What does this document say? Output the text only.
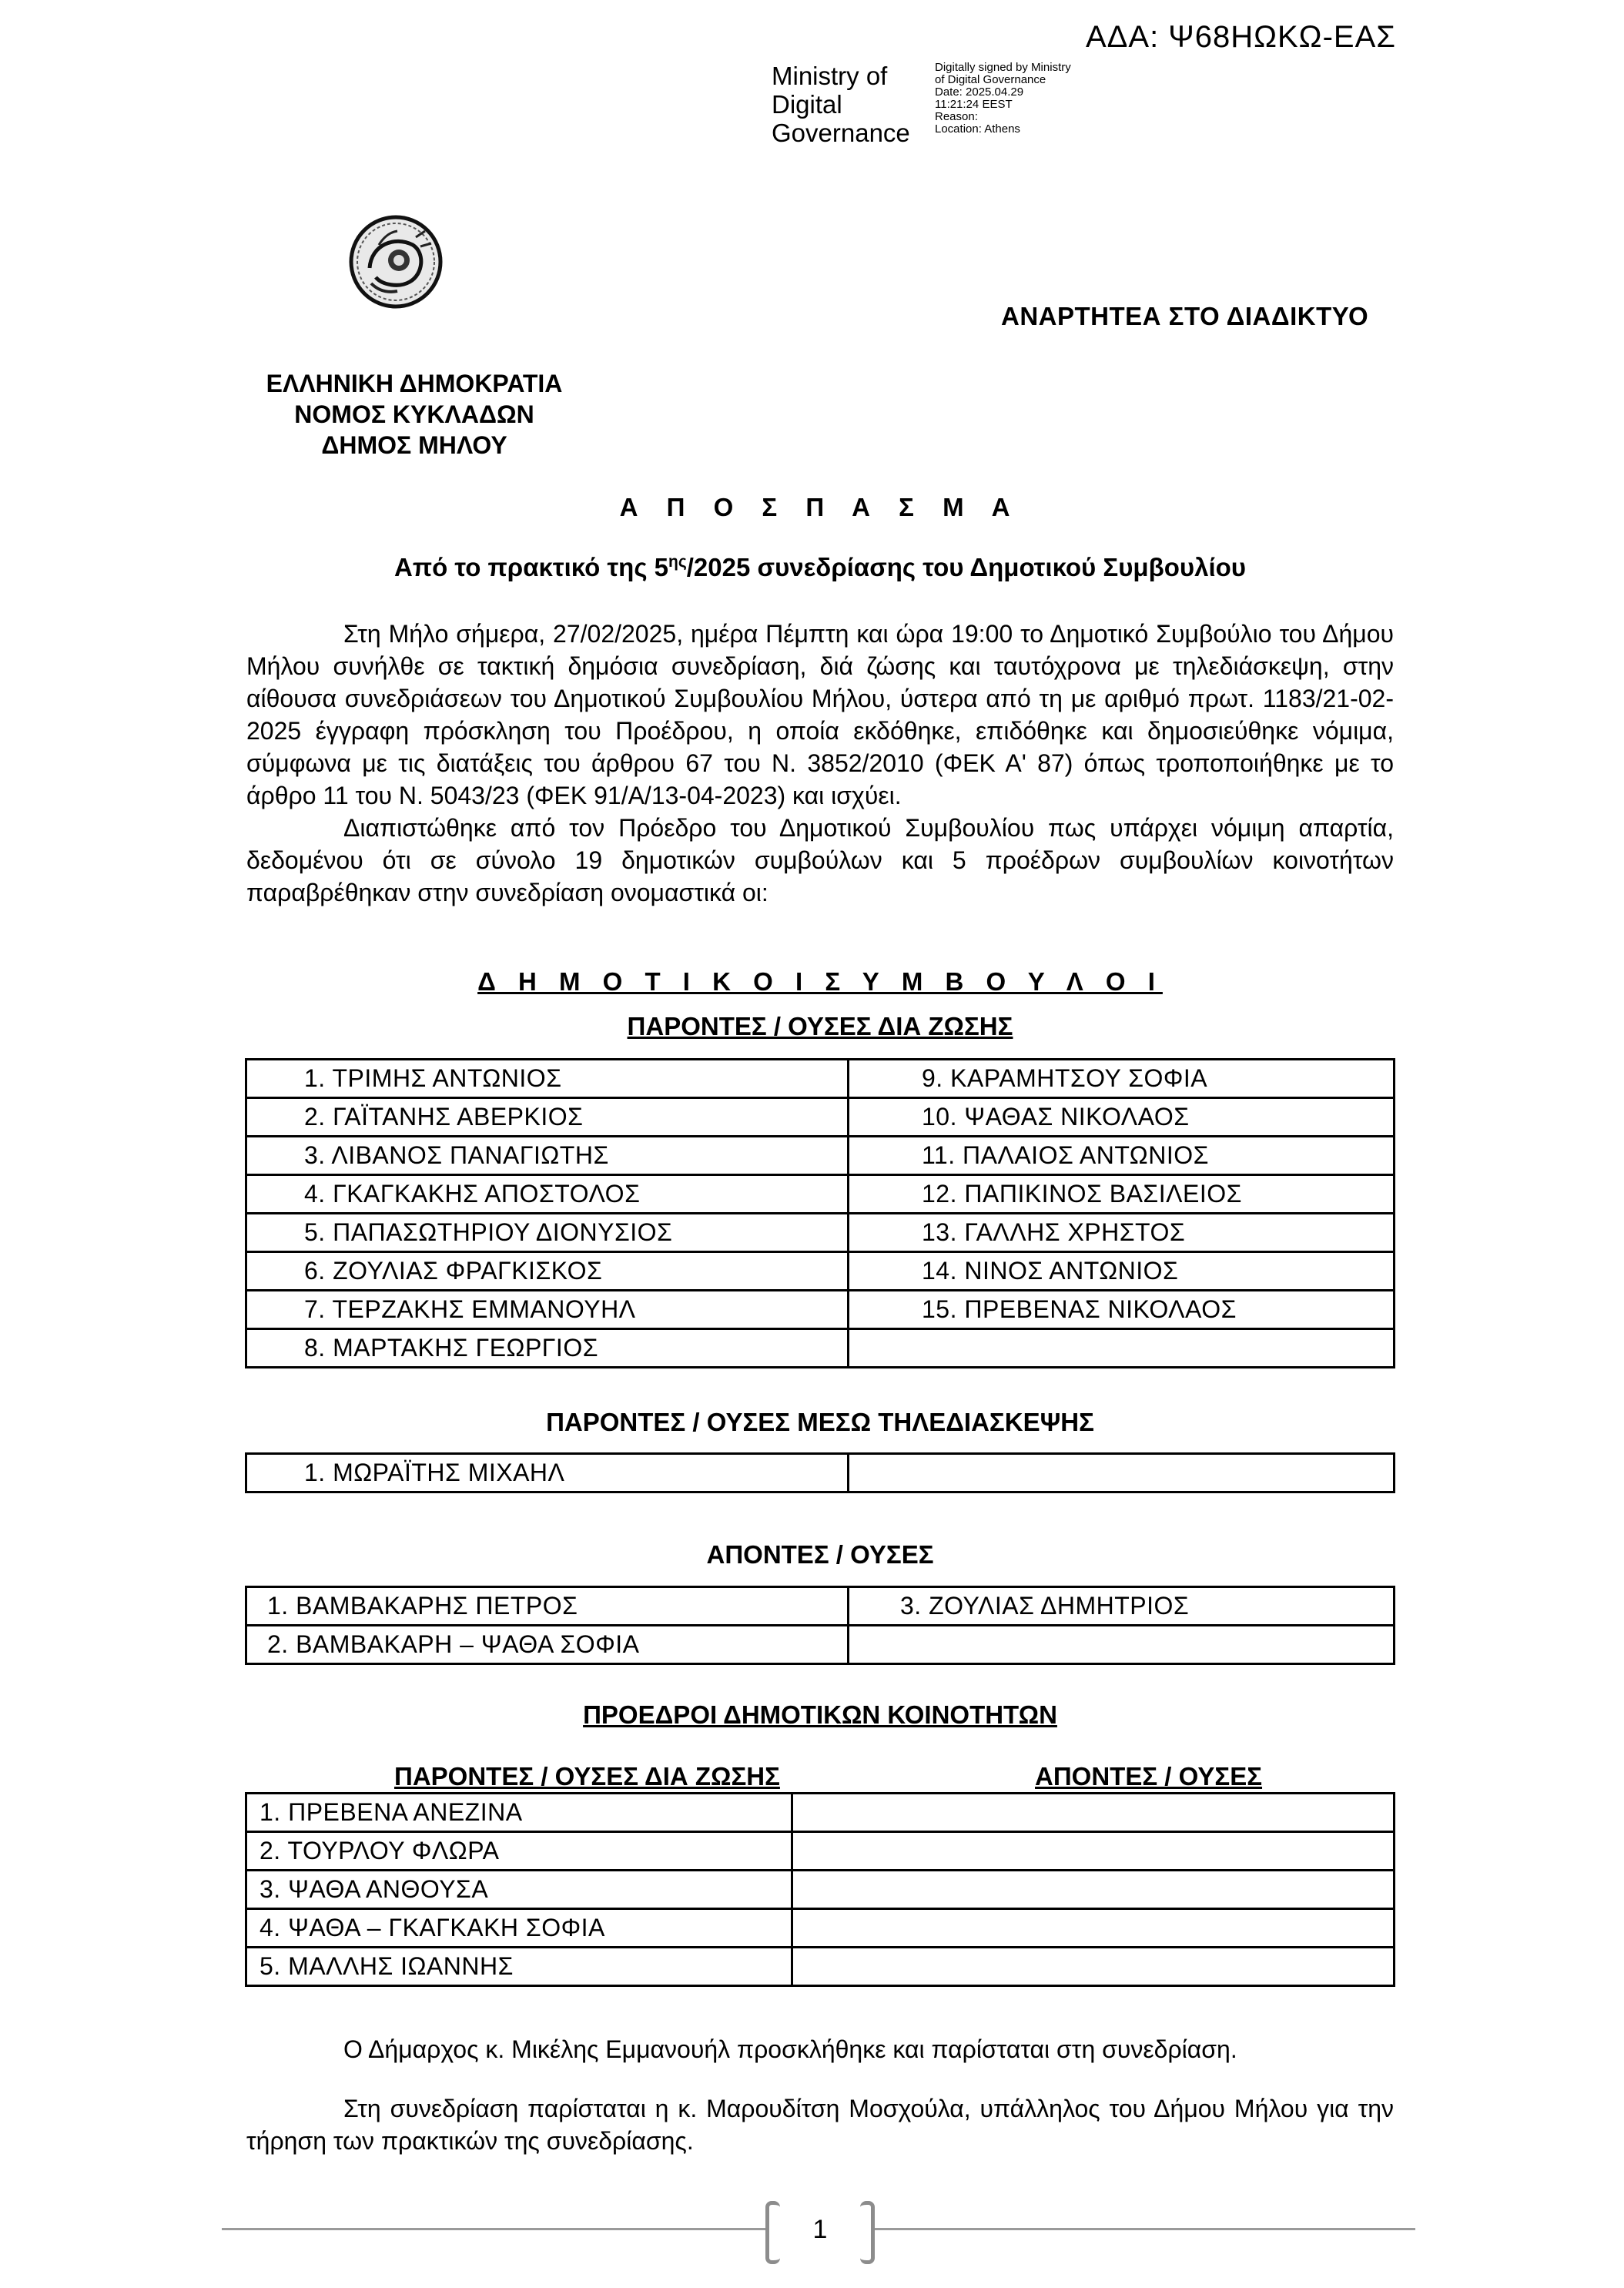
ΑΔΑ: Ψ68ΗΩΚΩ-ΕΑΣ
Ministry of
Digital
Governance
Digitally signed by Ministry
of Digital Governance
Date: 2025.04.29
11:21:24 EEST
Reason:
Location: Athens
ΑΝΑΡΤΗΤΕΑ ΣΤΟ ΔΙΑΔΙΚΤΥΟ
ΕΛΛΗΝΙΚΗ ΔΗΜΟΚΡΑΤΙΑ
ΝΟΜΟΣ ΚΥΚΛΑΔΩΝ
ΔΗΜΟΣ ΜΗΛΟΥ
Α Π Ο Σ Π Α Σ Μ Α
Από το πρακτικό της $5^{\eta\varsigma}/2025$ συνεδρίασης του Δημοτικού Συμβουλίου

Στη Μήλο σήμερα, 27/02/2025, ημέρα Πέμπτη και ώρα 19:00 το Δημοτικό Συμβούλιο του Δήμου Μήλου συνήλθε σε τακτική δημόσια συνεδρίαση, διά ζώσης και ταυτόχρονα με τηλεδιάσκεψη, στην αίθουσα συνεδριάσεων του Δημοτικού Συμβουλίου Μήλου, ύστερα από τη με αριθμό πρωτ. 1183/21-02-2025 έγγραφη πρόσκληση του Προέδρου, η οποία εκδόθηκε, επιδόθηκε και δημοσιεύθηκε νόμιμα, σύμφωνα με τις διατάξεις του άρθρου 67 του Ν. 3852/2010 (ΦΕΚ Α' 87) όπως τροποποιήθηκε με το άρθρο 11 του Ν. 5043/23 (ΦΕΚ 91/Α/13-04-2023) και ισχύει.

Διαπιστώθηκε από τον Πρόεδρο του Δημοτικού Συμβουλίου πως υπάρχει νόμιμη απαρτία, δεδομένου ότι σε σύνολο 19 δημοτικών συμβούλων και 5 προέδρων συμβουλίων κοινοτήτων παραβρέθηκαν στην συνεδρίαση ονομαστικά οι:

Δ Η Μ Ο Τ Ι Κ Ο Ι Σ Υ Μ Β Ο Υ Λ Ο Ι
ΠΑΡΟΝΤΕΣ / ΟΥΣΕΣ ΔΙΑ ΖΩΣΗΣ
1. ΤΡΙΜΗΣ ΑΝΤΩΝΙΟΣ	9. ΚΑΡΑΜΗΤΣΟΥ ΣΟΦΙΑ
2. ΓΑΪΤΑΝΗΣ ΑΒΕΡΚΙΟΣ	10. ΨΑΘΑΣ ΝΙΚΟΛΑΟΣ
3. ΛΙΒΑΝΟΣ ΠΑΝΑΓΙΩΤΗΣ	11. ΠΑΛΑΙΟΣ ΑΝΤΩΝΙΟΣ
4. ΓΚΑΓΚΑΚΗΣ ΑΠΟΣΤΟΛΟΣ	12. ΠΑΠΙΚΙΝΟΣ ΒΑΣΙΛΕΙΟΣ
5. ΠΑΠΑΣΩΤΗΡΙΟΥ ΔΙΟΝΥΣΙΟΣ	13. ΓΑΛΛΗΣ ΧΡΗΣΤΟΣ
6. ΖΟΥΛΙΑΣ ΦΡΑΓΚΙΣΚΟΣ	14. ΝΙΝΟΣ ΑΝΤΩΝΙΟΣ
7. ΤΕΡΖΑΚΗΣ ΕΜΜΑΝΟΥΗΛ	15. ΠΡΕΒΕΝΑΣ ΝΙΚΟΛΑΟΣ
8. ΜΑΡΤΑΚΗΣ ΓΕΩΡΓΙΟΣ	
ΠΑΡΟΝΤΕΣ / ΟΥΣΕΣ ΜΕΣΩ ΤΗΛΕΔΙΑΣΚΕΨΗΣ
1. ΜΩΡΑΪΤΗΣ ΜΙΧΑΗΛ	
ΑΠΟΝΤΕΣ / ΟΥΣΕΣ
1. ΒΑΜΒΑΚΑΡΗΣ ΠΕΤΡΟΣ	3. ΖΟΥΛΙΑΣ ΔΗΜΗΤΡΙΟΣ
2. ΒΑΜΒΑΚΑΡΗ – ΨΑΘΑ ΣΟΦΙΑ	
ΠΡΟΕΔΡΟΙ ΔΗΜΟΤΙΚΩΝ ΚΟΙΝΟΤΗΤΩΝ
ΠΑΡΟΝΤΕΣ / ΟΥΣΕΣ ΔΙΑ ΖΩΣΗΣ	ΑΠΟΝΤΕΣ / ΟΥΣΕΣ
1. ΠΡΕΒΕΝΑ ΑΝΕΖΙΝΑ	
2. ΤΟΥΡΛΟΥ ΦΛΩΡΑ	
3. ΨΑΘΑ ΑΝΘΟΥΣΑ	
4. ΨΑΘΑ – ΓΚΑΓΚΑΚΗ ΣΟΦΙΑ	
5. ΜΑΛΛΗΣ ΙΩΑΝΝΗΣ	

Ο Δήμαρχος κ. Μικέλης Εμμανουήλ προσκλήθηκε και παρίσταται στη συνεδρίαση.

Στη συνεδρίαση παρίσταται η κ. Μαρουδίτση Μοσχούλα, υπάλληλος του Δήμου Μήλου για την τήρηση των πρακτικών της συνεδρίασης.

1
